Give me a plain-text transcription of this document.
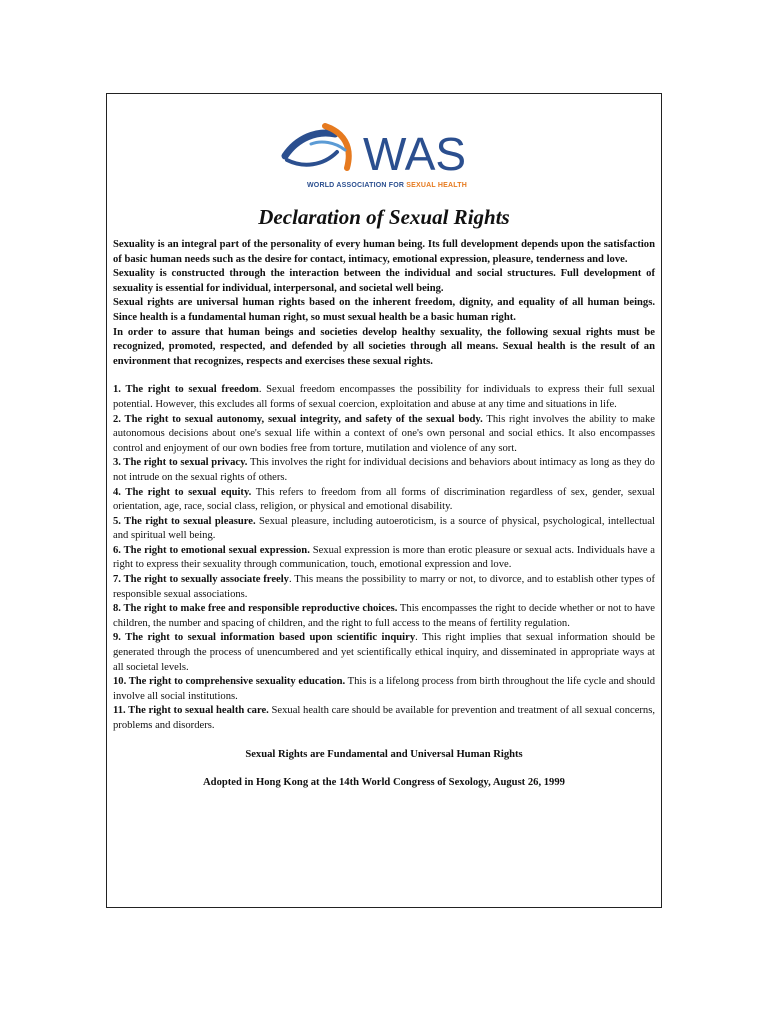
WAS
WORLD ASSOCIATION FOR SEXUAL HEALTH
Declaration of Sexual Rights

Sexuality is an integral part of the personality of every human being. Its full development depends upon the satisfaction of basic human needs such as the desire for contact, intimacy, emotional expression, pleasure, tenderness and love.

Sexuality is constructed through the interaction between the individual and social structures. Full development of sexuality is essential for individual, interpersonal, and societal well being.

Sexual rights are universal human rights based on the inherent freedom, dignity, and equality of all human beings. Since health is a fundamental human right, so must sexual health be a basic human right.

In order to assure that human beings and societies develop healthy sexuality, the following sexual rights must be recognized, promoted, respected, and defended by all societies through all means. Sexual health is the result of an environment that recognizes, respects and exercises these sexual rights.

1. The right to sexual freedom. Sexual freedom encompasses the possibility for individuals to express their full sexual potential. However, this excludes all forms of sexual coercion, exploitation and abuse at any time and situations in life.

2. The right to sexual autonomy, sexual integrity, and safety of the sexual body. This right involves the ability to make autonomous decisions about one's sexual life within a context of one's own personal and social ethics. It also encompasses control and enjoyment of our own bodies free from torture, mutilation and violence of any sort.

3. The right to sexual privacy. This involves the right for individual decisions and behaviors about intimacy as long as they do not intrude on the sexual rights of others.

4. The right to sexual equity. This refers to freedom from all forms of discrimination regardless of sex, gender, sexual orientation, age, race, social class, religion, or physical and emotional disability.

5. The right to sexual pleasure. Sexual pleasure, including autoeroticism, is a source of physical, psychological, intellectual and spiritual well being.

6. The right to emotional sexual expression. Sexual expression is more than erotic pleasure or sexual acts. Individuals have a right to express their sexuality through communication, touch, emotional expression and love.

7. The right to sexually associate freely. This means the possibility to marry or not, to divorce, and to establish other types of responsible sexual associations.

8. The right to make free and responsible reproductive choices. This encompasses the right to decide whether or not to have children, the number and spacing of children, and the right to full access to the means of fertility regulation.

9. The right to sexual information based upon scientific inquiry. This right implies that sexual information should be generated through the process of unencumbered and yet scientifically ethical inquiry, and disseminated in appropriate ways at all societal levels.

10. The right to comprehensive sexuality education. This is a lifelong process from birth throughout the life cycle and should involve all social institutions.

11. The right to sexual health care. Sexual health care should be available for prevention and treatment of all sexual concerns, problems and disorders.

Sexual Rights are Fundamental and Universal Human Rights

Adopted in Hong Kong at the 14th World Congress of Sexology, August 26, 1999
